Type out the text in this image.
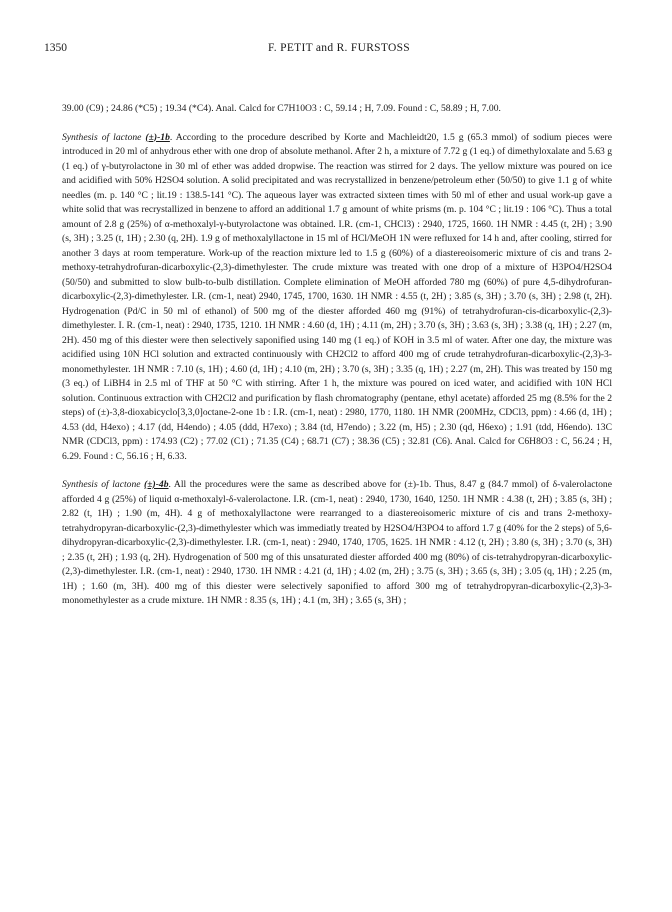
1350	F. PETIT and R. FURSTOSS

39.00 (C9) ; 24.86 (*C5) ; 19.34 (*C4). Anal. Calcd for C7H10O3 : C, 59.14 ; H, 7.09. Found : C, 58.89 ; H, 7.00.

Synthesis of lactone (±)-1b. According to the procedure described by Korte and Machleidt20, 1.5 g (65.3 mmol) of sodium pieces were introduced in 20 ml of anhydrous ether with one drop of absolute methanol. After 2 h, a mixture of 7.72 g (1 eq.) of dimethyloxalate and 5.63 g (1 eq.) of γ-butyrolactone in 30 ml of ether was added dropwise. The reaction was stirred for 2 days. The yellow mixture was poured on ice and acidified with 50% H2SO4 solution. A solid precipitated and was recrystallized in benzene/petroleum ether (50/50) to give 1.1 g of white needles (m. p. 140 °C ; lit.19 : 138.5-141 °C). The aqueous layer was extracted sixteen times with 50 ml of ether and usual work-up gave a white solid that was recrystallized in benzene to afford an additional 1.7 g amount of white prisms (m. p. 104 °C ; lit.19 : 106 °C). Thus a total amount of 2.8 g (25%) of α-methoxalyl-γ-butyrolactone was obtained. I.R. (cm-1, CHCl3) : 2940, 1725, 1660. 1H NMR : 4.45 (t, 2H) ; 3.90 (s, 3H) ; 3.25 (t, 1H) ; 2.30 (q, 2H). 1.9 g of methoxalyllactone in 15 ml of HCl/MeOH 1N were refluxed for 14 h and, after cooling, stirred for another 3 days at room temperature. Work-up of the reaction mixture led to 1.5 g (60%) of a diastereoisomeric mixture of cis and trans 2-methoxy-tetrahydrofuran-dicarboxylic-(2,3)-dimethylester. The crude mixture was treated with one drop of a mixture of H3PO4/H2SO4 (50/50) and submitted to slow bulb-to-bulb distillation. Complete elimination of MeOH afforded 780 mg (60%) of pure 4,5-dihydrofuran-dicarboxylic-(2,3)-dimethylester. I.R. (cm-1, neat) 2940, 1745, 1700, 1630. 1H NMR : 4.55 (t, 2H) ; 3.85 (s, 3H) ; 3.70 (s, 3H) ; 2.98 (t, 2H). Hydrogenation (Pd/C in 50 ml of ethanol) of 500 mg of the diester afforded 460 mg (91%) of tetrahydrofuran-cis-dicarboxylic-(2,3)-dimethylester. I. R. (cm-1, neat) : 2940, 1735, 1210. 1H NMR : 4.60 (d, 1H) ; 4.11 (m, 2H) ; 3.70 (s, 3H) ; 3.63 (s, 3H) ; 3.38 (q, 1H) ; 2.27 (m, 2H). 450 mg of this diester were then selectively saponified using 140 mg (1 eq.) of KOH in 3.5 ml of water. After one day, the mixture was acidified using 10N HCl solution and extracted continuously with CH2Cl2 to afford 400 mg of crude tetrahydrofuran-dicarboxylic-(2,3)-3-monomethylester. 1H NMR : 7.10 (s, 1H) ; 4.60 (d, 1H) ; 4.10 (m, 2H) ; 3.70 (s, 3H) ; 3.35 (q, 1H) ; 2.27 (m, 2H). This was treated by 150 mg (3 eq.) of LiBH4 in 2.5 ml of THF at 50 °C with stirring. After 1 h, the mixture was poured on iced water, and acidified with 10N HCl solution. Continuous extraction with CH2Cl2 and purification by flash chromatography (pentane, ethyl acetate) afforded 25 mg (8.5% for the 2 steps) of (±)-3,8-dioxabicyclo[3,3,0]octane-2-one 1b : I.R. (cm-1, neat) : 2980, 1770, 1180. 1H NMR (200MHz, CDCl3, ppm) : 4.66 (d, 1H) ; 4.53 (dd, H4exo) ; 4.17 (dd, H4endo) ; 4.05 (ddd, H7exo) ; 3.84 (td, H7endo) ; 3.22 (m, H5) ; 2.30 (qd, H6exo) ; 1.91 (tdd, H6endo). 13C NMR (CDCl3, ppm) : 174.93 (C2) ; 77.02 (C1) ; 71.35 (C4) ; 68.71 (C7) ; 38.36 (C5) ; 32.81 (C6). Anal. Calcd for C6H8O3 : C, 56.24 ; H, 6.29. Found : C, 56.16 ; H, 6.33.

Synthesis of lactone (±)-4b. All the procedures were the same as described above for (±)-1b. Thus, 8.47 g (84.7 mmol) of δ-valerolactone afforded 4 g (25%) of liquid α-methoxalyl-δ-valerolactone. I.R. (cm-1, neat) : 2940, 1730, 1640, 1250. 1H NMR : 4.38 (t, 2H) ; 3.85 (s, 3H) ; 2.82 (t, 1H) ; 1.90 (m, 4H). 4 g of methoxalyllactone were rearranged to a diastereoisomeric mixture of cis and trans 2-methoxy-tetrahydropyran-dicarboxylic-(2,3)-dimethylester which was immediatly treated by H2SO4/H3PO4 to afford 1.7 g (40% for the 2 steps) of 5,6-dihydropyran-dicarboxylic-(2,3)-dimethylester. I.R. (cm-1, neat) : 2940, 1740, 1705, 1625. 1H NMR : 4.12 (t, 2H) ; 3.80 (s, 3H) ; 3.70 (s, 3H) ; 2.35 (t, 2H) ; 1.93 (q, 2H). Hydrogenation of 500 mg of this unsaturated diester afforded 400 mg (80%) of cis-tetrahydropyran-dicarboxylic-(2,3)-dimethylester. I.R. (cm-1, neat) : 2940, 1730. 1H NMR : 4.21 (d, 1H) ; 4.02 (m, 2H) ; 3.75 (s, 3H) ; 3.65 (s, 3H) ; 3.05 (q, 1H) ; 2.25 (m, 1H) ; 1.60 (m, 3H). 400 mg of this diester were selectively saponified to afford 300 mg of tetrahydropyran-dicarboxylic-(2,3)-3-monomethylester as a crude mixture. 1H NMR : 8.35 (s, 1H) ; 4.1 (m, 3H) ; 3.65 (s, 3H) ;
